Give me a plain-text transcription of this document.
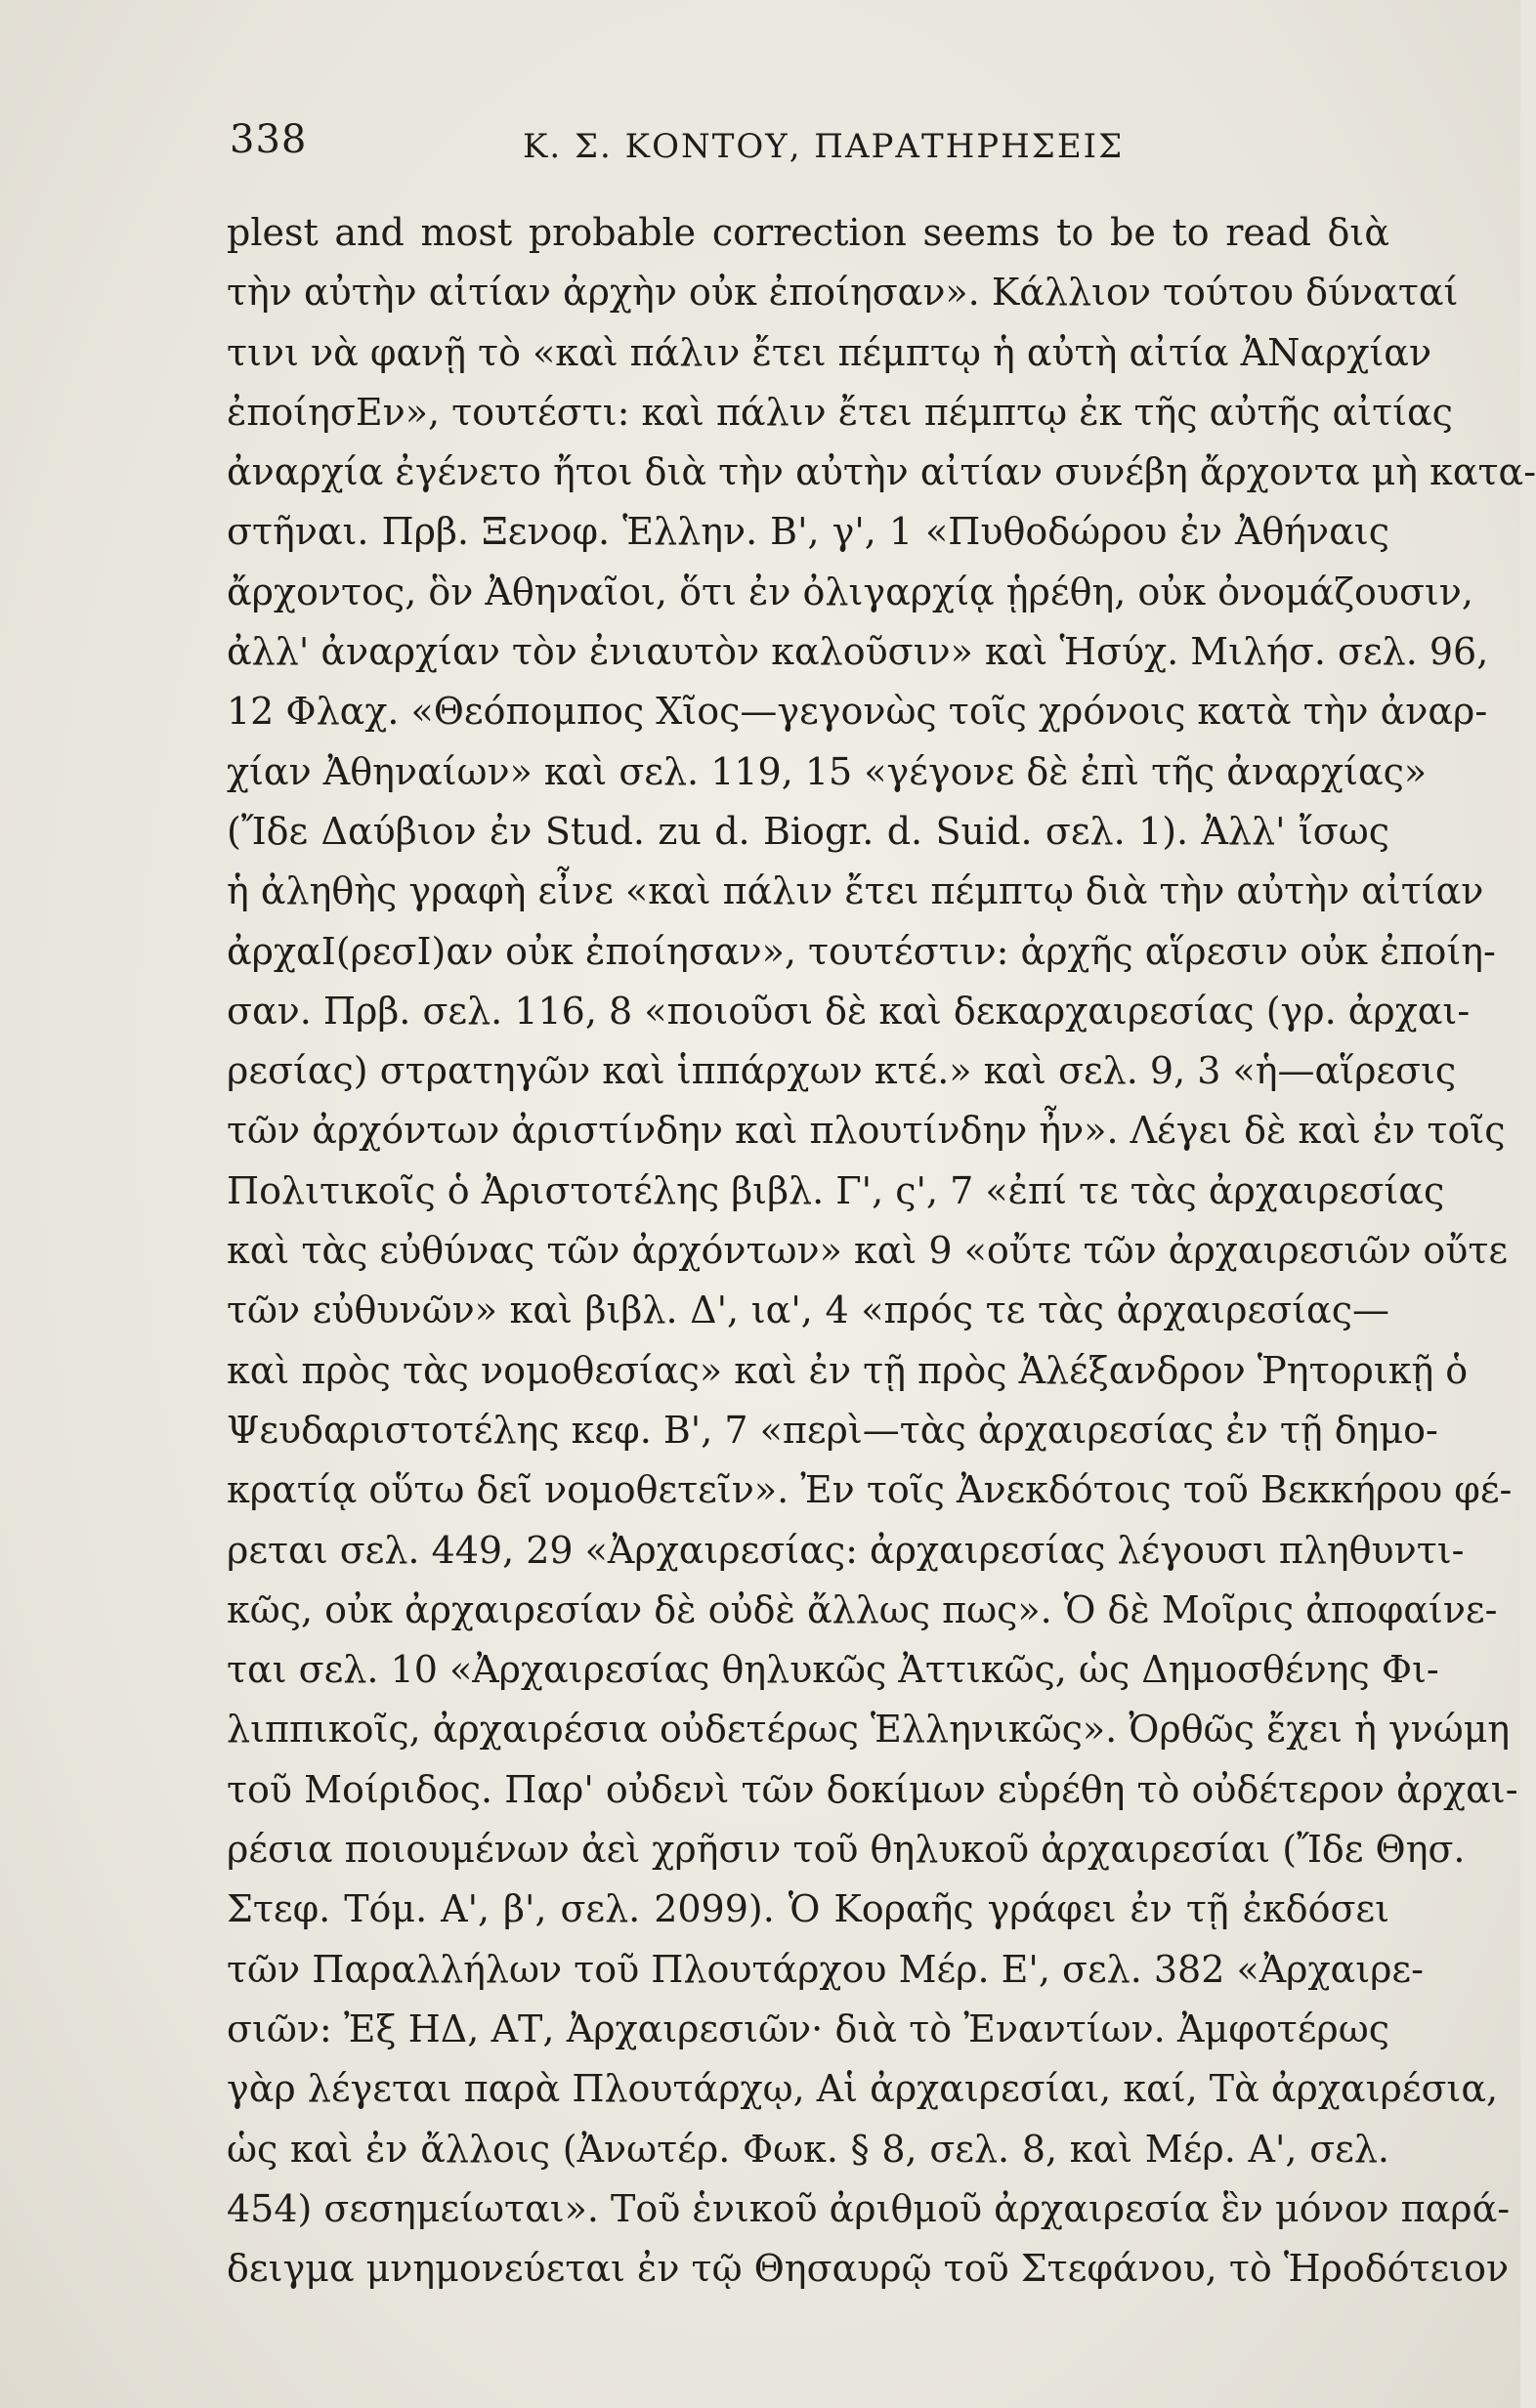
338	Κ. Σ. ΚΟΝΤΟΥ, ΠΑΡΑΤΗΡΗΣΕΙΣ
plest and most probable correction seems to be to read διὰ
τὴν αὐτὴν αἰτίαν ἀρχὴν οὐκ ἐποίησαν». Κάλλιον τούτου δύναταί
τινι νὰ φανῇ τὸ «καὶ πάλιν ἔτει πέμπτῳ ἡ αὐτὴ αἰτία ἈΝαρχίαν
ἐποίησΕν», τουτέστι: καὶ πάλιν ἔτει πέμπτῳ ἐκ τῆς αὐτῆς αἰτίας
ἀναρχία ἐγένετο ἤτοι διὰ τὴν αὐτὴν αἰτίαν συνέβη ἄρχοντα μὴ κατα-
στῆναι. Πρβ. Ξενοφ. Ἑλλην. Β', γ', 1 «Πυθοδώρου ἐν Ἀθήναις
ἄρχοντος, ὃν Ἀθηναῖοι, ὅτι ἐν ὀλιγαρχίᾳ ᾑρέθη, οὐκ ὀνομάζουσιν,
ἀλλ' ἀναρχίαν τὸν ἐνιαυτὸν καλοῦσιν» καὶ Ἡσύχ. Μιλήσ. σελ. 96,
12 Φλαχ. «Θεόπομπος Χῖος—γεγονὼς τοῖς χρόνοις κατὰ τὴν ἀναρ-
χίαν Ἀθηναίων» καὶ σελ. 119, 15 «γέγονε δὲ ἐπὶ τῆς ἀναρχίας»
(Ἴδε Δαύβιον ἐν Stud. zu d. Biogr. d. Suid. σελ. 1). Ἀλλ' ἴσως
ἡ ἀληθὴς γραφὴ εἶνε «καὶ πάλιν ἔτει πέμπτῳ διὰ τὴν αὐτὴν αἰτίαν
ἀρχαI(ρεσI)αν οὐκ ἐποίησαν», τουτέστιν: ἀρχῆς αἵρεσιν οὐκ ἐποίη-
σαν. Πρβ. σελ. 116, 8 «ποιοῦσι δὲ καὶ δεκαρχαιρεσίας (γρ. ἀρχαι-
ρεσίας) στρατηγῶν καὶ ἱππάρχων κτέ.» καὶ σελ. 9, 3 «ἡ—αἵρεσις
τῶν ἀρχόντων ἀριστίνδην καὶ πλουτίνδην ἦν». Λέγει δὲ καὶ ἐν τοῖς
Πολιτικοῖς ὁ Ἀριστοτέλης βιβλ. Γ', ς', 7 «ἐπί τε τὰς ἀρχαιρεσίας
καὶ τὰς εὐθύνας τῶν ἀρχόντων» καὶ 9 «οὔτε τῶν ἀρχαιρεσιῶν οὔτε
τῶν εὐθυνῶν» καὶ βιβλ. Δ', ια', 4 «πρός τε τὰς ἀρχαιρεσίας—
καὶ πρὸς τὰς νομοθεσίας» καὶ ἐν τῇ πρὸς Ἀλέξανδρον Ῥητορικῇ ὁ
Ψευδαριστοτέλης κεφ. Β', 7 «περὶ—τὰς ἀρχαιρεσίας ἐν τῇ δημο-
κρατίᾳ οὕτω δεῖ νομοθετεῖν». Ἐν τοῖς Ἀνεκδότοις τοῦ Βεκκήρου φέ-
ρεται σελ. 449, 29 «Ἀρχαιρεσίας: ἀρχαιρεσίας λέγουσι πληθυντι-
κῶς, οὐκ ἀρχαιρεσίαν δὲ οὐδὲ ἄλλως πως». Ὁ δὲ Μοῖρις ἀποφαίνε-
ται σελ. 10 «Ἀρχαιρεσίας θηλυκῶς Ἀττικῶς, ὡς Δημοσθένης Φι-
λιππικοῖς, ἀρχαιρέσια οὐδετέρως Ἑλληνικῶς». Ὀρθῶς ἔχει ἡ γνώμη
τοῦ Μοίριδος. Παρ' οὐδενὶ τῶν δοκίμων εὑρέθη τὸ οὐδέτερον ἀρχαι-
ρέσια ποιουμένων ἀεὶ χρῆσιν τοῦ θηλυκοῦ ἀρχαιρεσίαι (Ἴδε Θησ.
Στεφ. Τόμ. Α', β', σελ. 2099). Ὁ Κοραῆς γράφει ἐν τῇ ἐκδόσει
τῶν Παραλλήλων τοῦ Πλουτάρχου Μέρ. Ε', σελ. 382 «Ἀρχαιρε-
σιῶν: Ἐξ ΗΔ, ΑΤ, Ἀρχαιρεσιῶν· διὰ τὸ Ἐναντίων. Ἀμφοτέρως
γὰρ λέγεται παρὰ Πλουτάρχῳ, Αἱ ἀρχαιρεσίαι, καί, Τὰ ἀρχαιρέσια,
ὡς καὶ ἐν ἄλλοις (Ἀνωτέρ. Φωκ. § 8, σελ. 8, καὶ Μέρ. Α', σελ.
454) σεσημείωται». Τοῦ ἑνικοῦ ἀριθμοῦ ἀρχαιρεσία ἓν μόνον παρά-
δειγμα μνημονεύεται ἐν τῷ Θησαυρῷ τοῦ Στεφάνου, τὸ Ἡροδότειον
